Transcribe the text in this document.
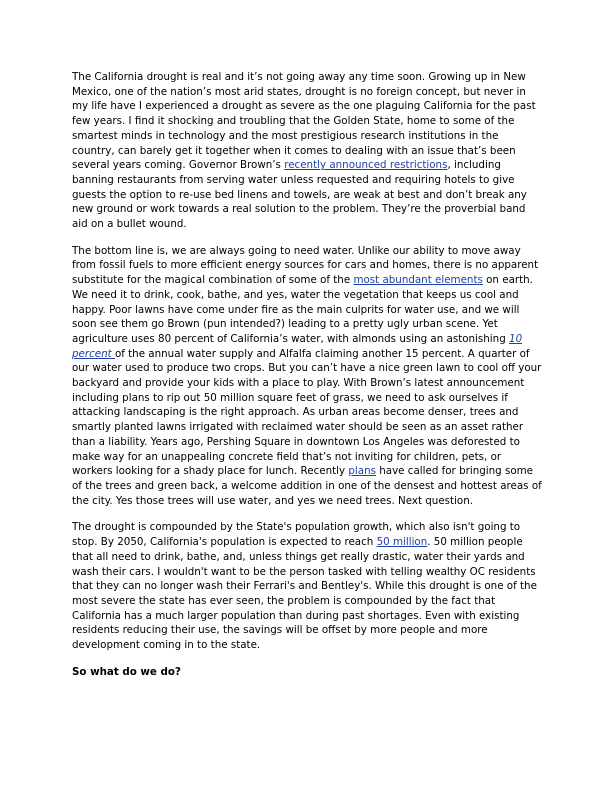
The California drought is real and it’s not going away any time soon. Growing up in New Mexico, one of the nation’s most arid states, drought is no foreign concept, but never in my life have I experienced a drought as severe as the one plaguing California for the past few years. I find it shocking and troubling that the Golden State, home to some of the smartest minds in technology and the most prestigious research institutions in the country, can barely get it together when it comes to dealing with an issue that’s been several years coming. Governor Brown’s recently announced restrictions, including banning restaurants from serving water unless requested and requiring hotels to give guests the option to re-use bed linens and towels, are weak at best and don’t break any new ground or work towards a real solution to the problem. They’re the proverbial band aid on a bullet wound.

The bottom line is, we are always going to need water. Unlike our ability to move away from fossil fuels to more efficient energy sources for cars and homes, there is no apparent substitute for the magical combination of some of the most abundant elements on earth. We need it to drink, cook, bathe, and yes, water the vegetation that keeps us cool and happy. Poor lawns have come under fire as the main culprits for water use, and we will soon see them go Brown (pun intended?) leading to a pretty ugly urban scene. Yet agriculture uses 80 percent of California’s water, with almonds using an astonishing 10 percent of the annual water supply and Alfalfa claiming another 15 percent. A quarter of our water used to produce two crops. But you can’t have a nice green lawn to cool off your backyard and provide your kids with a place to play. With Brown’s latest announcement including plans to rip out 50 million square feet of grass, we need to ask ourselves if attacking landscaping is the right approach. As urban areas become denser, trees and smartly planted lawns irrigated with reclaimed water should be seen as an asset rather than a liability. Years ago, Pershing Square in downtown Los Angeles was deforested to make way for an unappealing concrete field that’s not inviting for children, pets, or workers looking for a shady place for lunch. Recently plans have called for bringing some of the trees and green back, a welcome addition in one of the densest and hottest areas of the city. Yes those trees will use water, and yes we need trees. Next question.

The drought is compounded by the State's population growth, which also isn't going to stop. By 2050, California's population is expected to reach 50 million. 50 million people that all need to drink, bathe, and, unless things get really drastic, water their yards and wash their cars. I wouldn't want to be the person tasked with telling wealthy OC residents that they can no longer wash their Ferrari's and Bentley's. While this drought is one of the most severe the state has ever seen, the problem is compounded by the fact that California has a much larger population than during past shortages. Even with existing residents reducing their use, the savings will be offset by more people and more development coming in to the state.

So what do we do?
